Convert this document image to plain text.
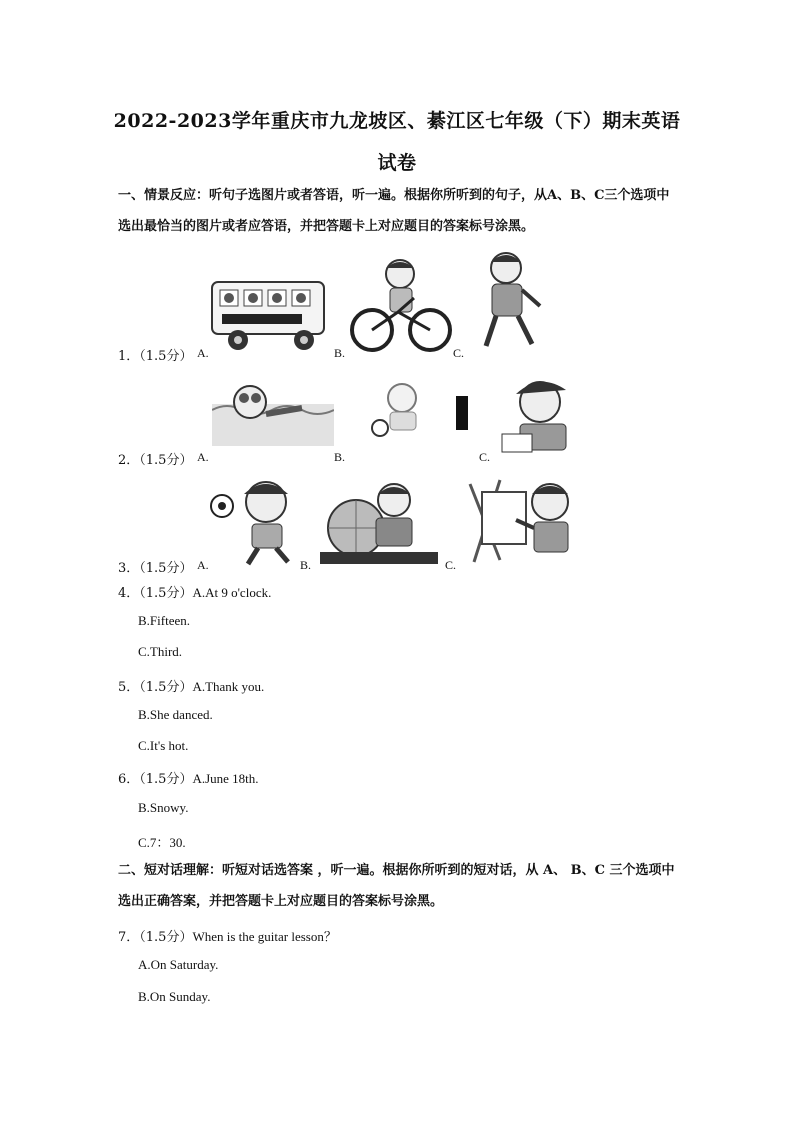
2022-2023学年重庆市九龙坡区、綦江区七年级（下）期末英语
试卷
一、情景反应：听句子选图片或者答语，听一遍。根据你所听到的句子，从A、B、C三个选项中选出最恰当的图片或者应答语，并把答题卡上对应题目的答案标号涂黑。
1．（1.5分） A.	B.	C.
2．（1.5分） A.	B.	C.
3．（1.5分） A.	B.	C.
4．（1.5分）A.At 9 o'clock.
B.Fifteen.
C.Third.
5．（1.5分）A.Thank you.
B.She danced.
C.It's hot.
6．（1.5分）A.June 18th.
B.Snowy.
C.7：30.
二、短对话理解：听短对话选答案 ，听一遍。根据你所听到的短对话，从 A、 B、C 三个选项中选出正确答案，并把答题卡上对应题目的答案标号涂黑。
7．（1.5分）When is the guitar lesson？
A.On Saturday.
B.On Sunday.
